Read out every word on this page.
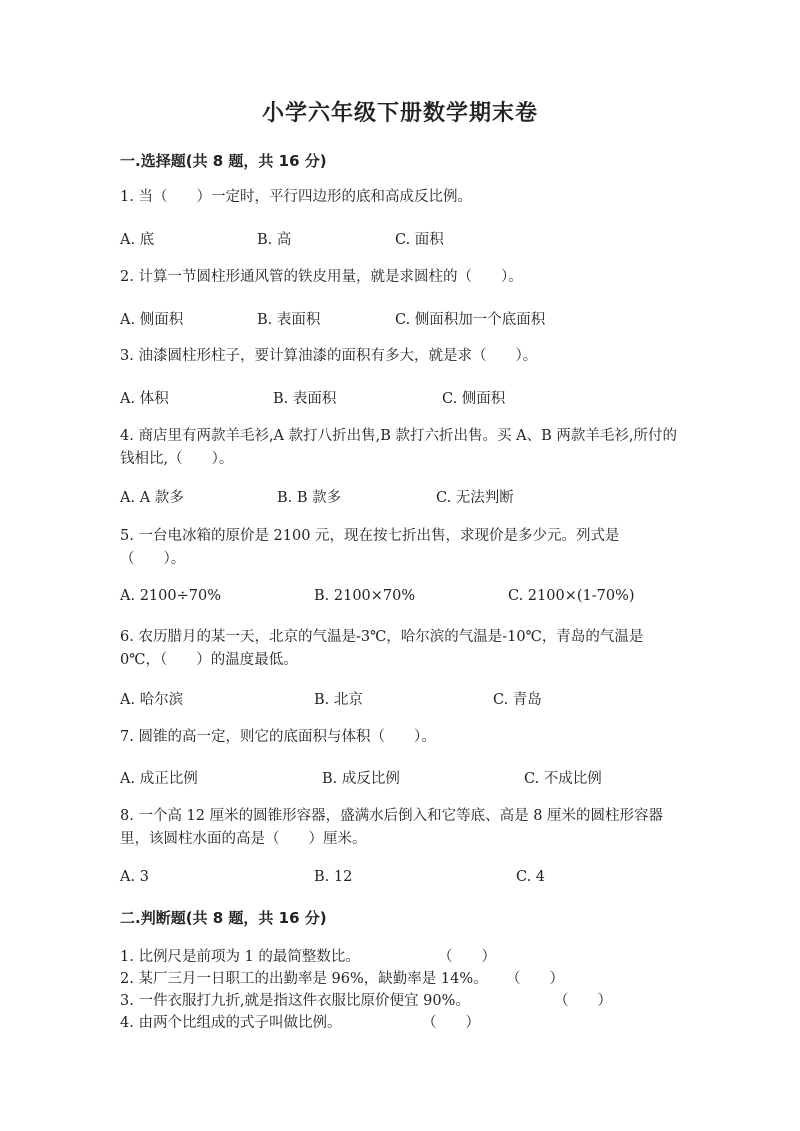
小学六年级下册数学期末卷
一.选择题(共 8 题，共 16 分)
1. 当（　　）一定时，平行四边形的底和高成反比例。
A. 底	B. 高	C. 面积
2. 计算一节圆柱形通风管的铁皮用量，就是求圆柱的（　　）。
A. 侧面积	B. 表面积	C. 侧面积加一个底面积
3. 油漆圆柱形柱子，要计算油漆的面积有多大，就是求（　　）。
A. 体积	B. 表面积	C. 侧面积
4. 商店里有两款羊毛衫,A 款打八折出售,B 款打六折出售。买 A、B 两款羊毛衫,所付的钱相比,（　　）。
A. A 款多	B. B 款多	C. 无法判断
5. 一台电冰箱的原价是 2100 元，现在按七折出售，求现价是多少元。列式是（　　）。
A. 2100÷70%	B. 2100×70%	C. 2100×(1-70%)
6. 农历腊月的某一天，北京的气温是-3℃，哈尔滨的气温是-10℃，青岛的气温是 0℃，（　　）的温度最低。
A. 哈尔滨	B. 北京	C. 青岛
7. 圆锥的高一定，则它的底面积与体积（　　）。
A. 成正比例	B. 成反比例	C. 不成比例
8. 一个高 12 厘米的圆锥形容器，盛满水后倒入和它等底、高是 8 厘米的圆柱形容器里，该圆柱水面的高是（　　）厘米。
A. 3	B. 12	C. 4
二.判断题(共 8 题，共 16 分)
1. 比例尺是前项为 1 的最简整数比。	（　　）
2. 某厂三月一日职工的出勤率是 96%，缺勤率是 14%。 （　　）
3. 一件衣服打九折,就是指这件衣服比原价便宜 90%。	（　　）
4. 由两个比组成的式子叫做比例。	（　　）
